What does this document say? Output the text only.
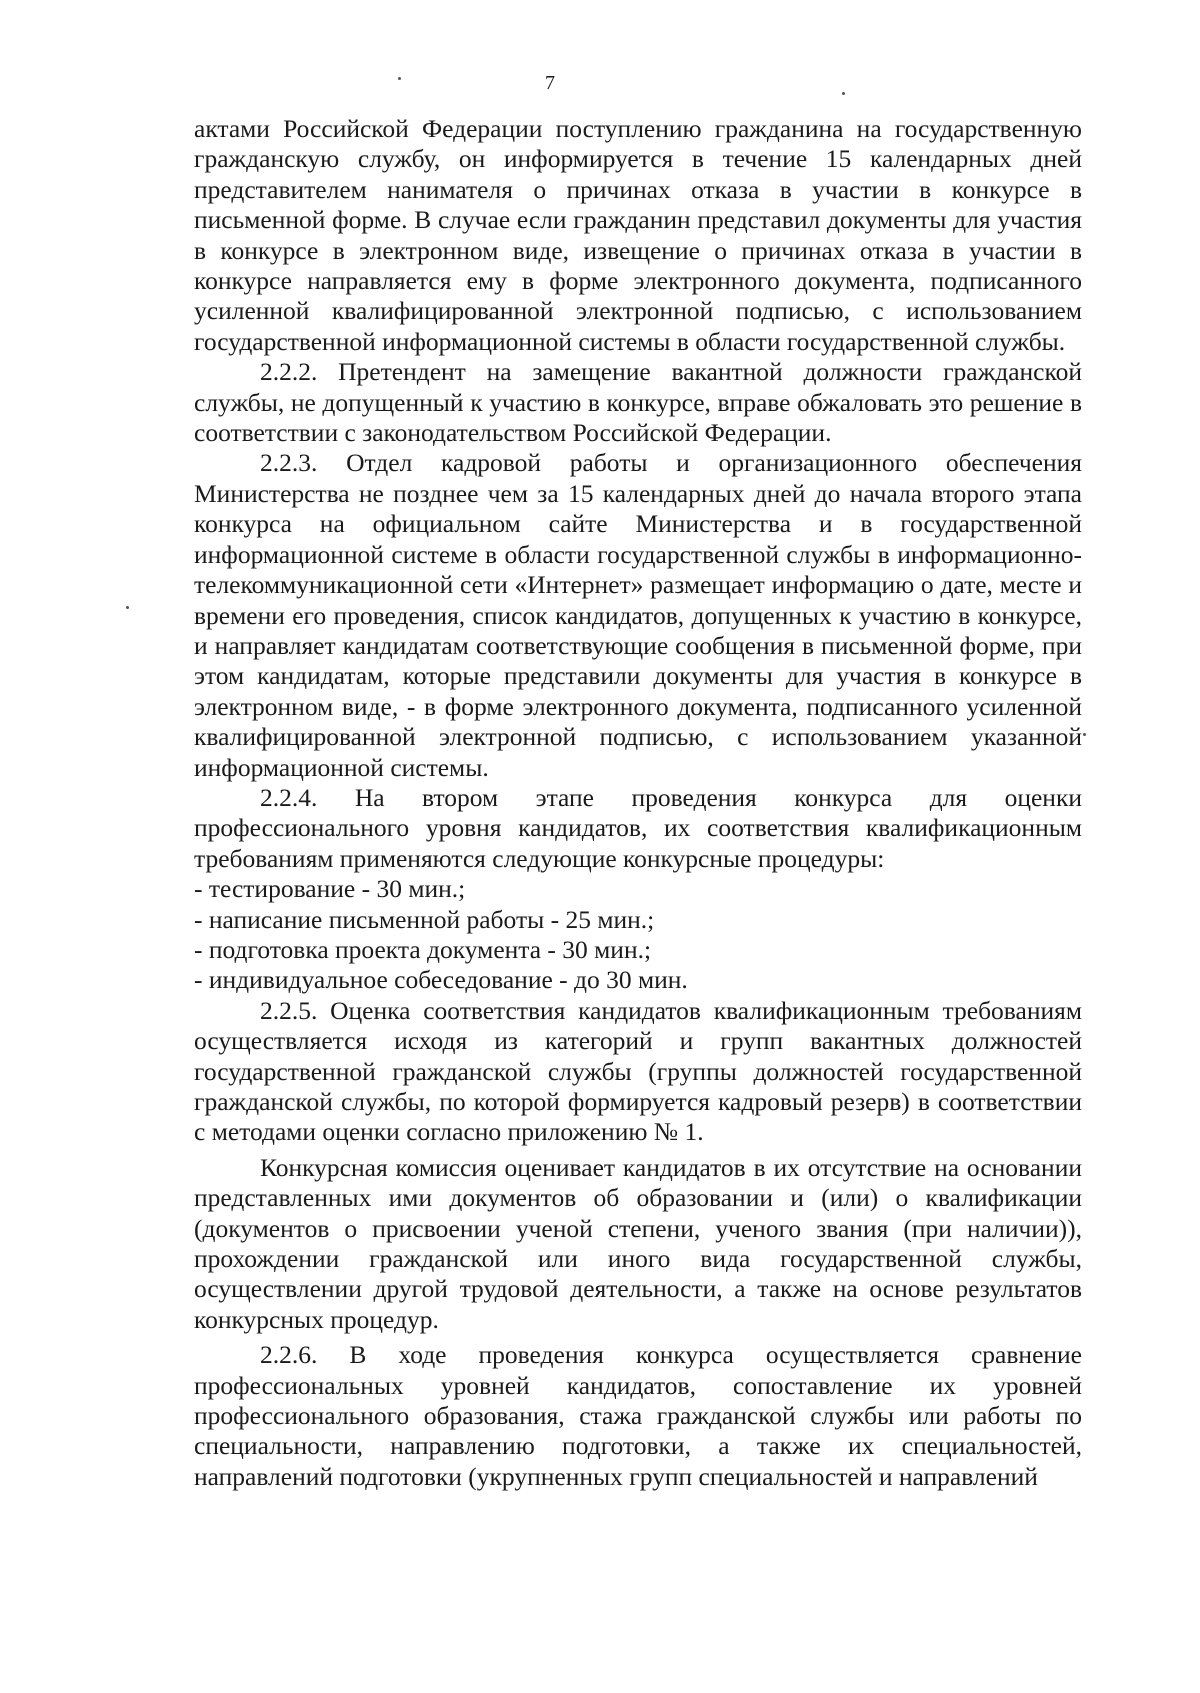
7

актами Российской Федерации поступлению гражданина на государственную гражданскую службу, он информируется в течение 15 календарных дней представителем нанимателя о причинах отказа в участии в конкурсе в письменной форме. В случае если гражданин представил документы для участия в конкурсе в электронном виде, извещение о причинах отказа в участии в конкурсе направляется ему в форме электронного документа, подписанного усиленной квалифицированной электронной подписью, с использованием государственной информационной системы в области государственной службы.

2.2.2. Претендент на замещение вакантной должности гражданской службы, не допущенный к участию в конкурсе, вправе обжаловать это решение в соответствии с законодательством Российской Федерации.

2.2.3. Отдел кадровой работы и организационного обеспечения Министерства не позднее чем за 15 календарных дней до начала второго этапа конкурса на официальном сайте Министерства и в государственной информационной системе в области государственной службы в информационно-телекоммуникационной сети «Интернет» размещает информацию о дате, месте и времени его проведения, список кандидатов, допущенных к участию в конкурсе, и направляет кандидатам соответствующие сообщения в письменной форме, при этом кандидатам, которые представили документы для участия в конкурсе в электронном виде, - в форме электронного документа, подписанного усиленной квалифицированной электронной подписью, с использованием указанной информационной системы.

2.2.4. На втором этапе проведения конкурса для оценки профессионального уровня кандидатов, их соответствия квалификационным требованиям применяются следующие конкурсные процедуры:

- тестирование - 30 мин.;

- написание письменной работы - 25 мин.;

- подготовка проекта документа - 30 мин.;

- индивидуальное собеседование - до 30 мин.

2.2.5. Оценка соответствия кандидатов квалификационным требованиям осуществляется исходя из категорий и групп вакантных должностей государственной гражданской службы (группы должностей государственной гражданской службы, по которой формируется кадровый резерв) в соответствии с методами оценки согласно приложению № 1.

Конкурсная комиссия оценивает кандидатов в их отсутствие на основании представленных ими документов об образовании и (или) о квалификации (документов о присвоении ученой степени, ученого звания (при наличии)), прохождении гражданской или иного вида государственной службы, осуществлении другой трудовой деятельности, а также на основе результатов конкурсных процедур.

2.2.6. В ходе проведения конкурса осуществляется сравнение профессиональных уровней кандидатов, сопоставление их уровней профессионального образования, стажа гражданской службы или работы по специальности, направлению подготовки, а также их специальностей, направлений подготовки (укрупненных групп специальностей и направлений
